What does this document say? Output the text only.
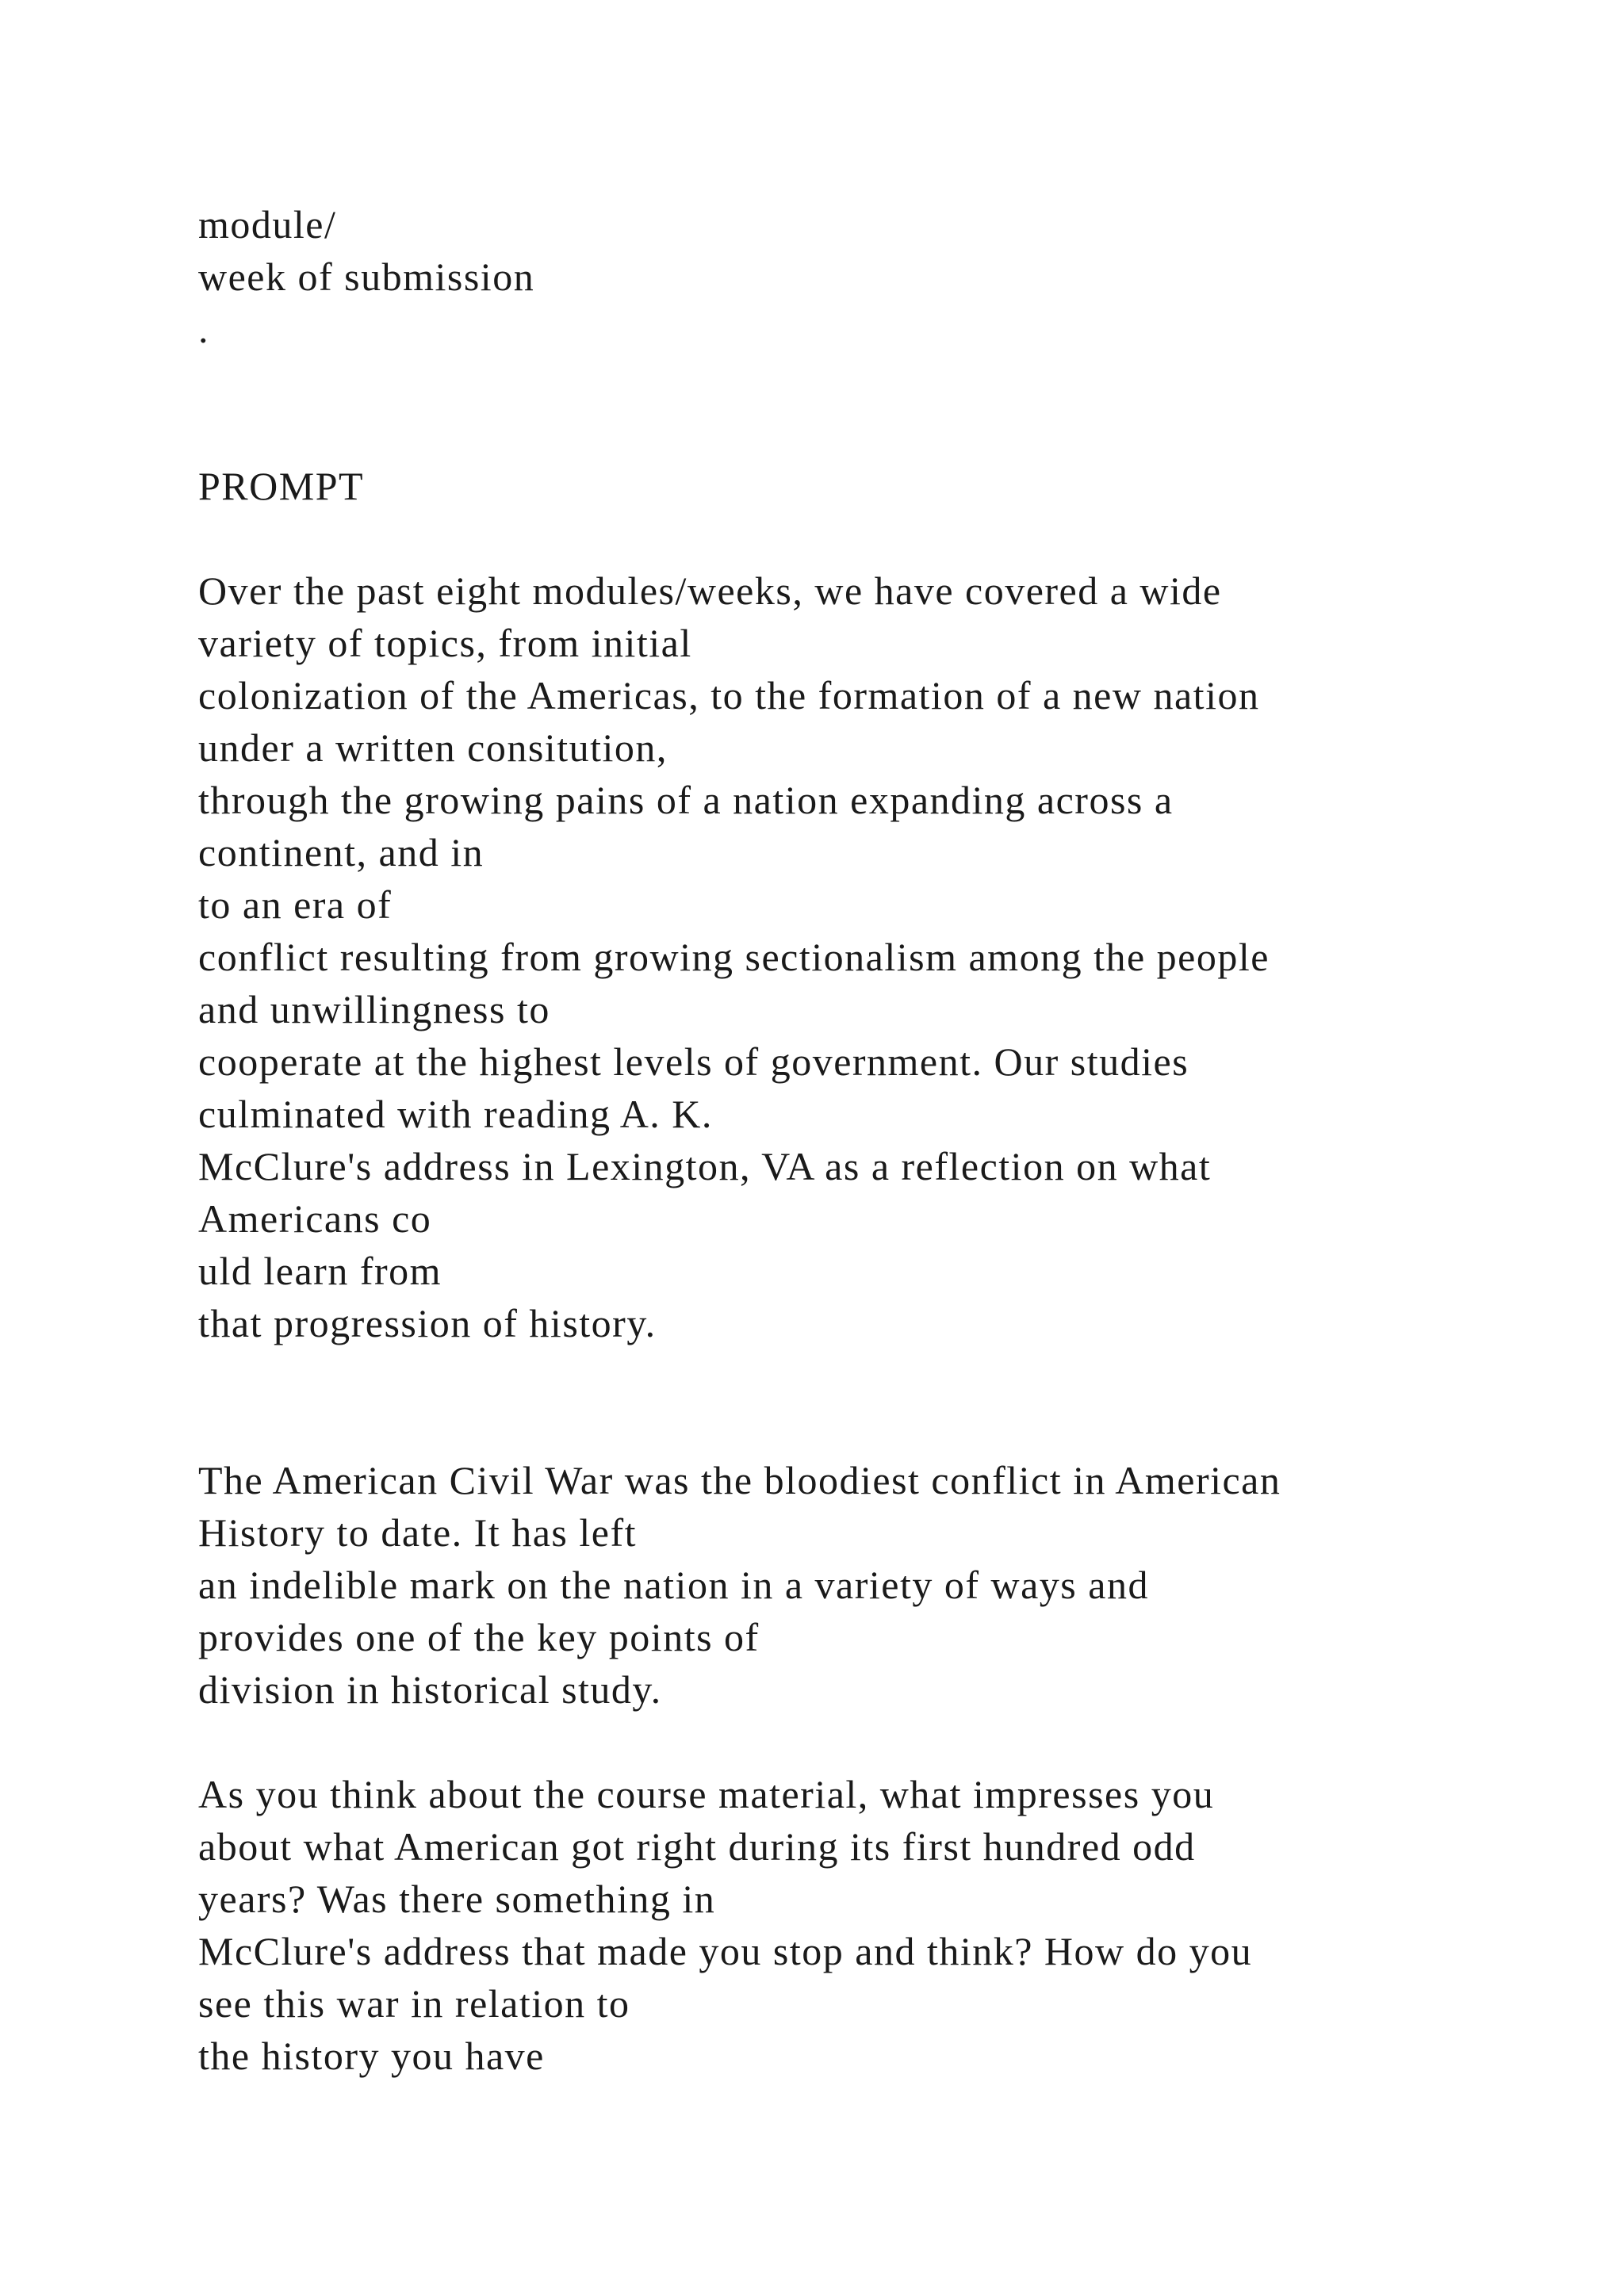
module/
week of submission
.
PROMPT
Over the past eight modules/weeks, we have covered a wide
variety of topics, from initial
colonization of the Americas, to the formation of a new nation
under a written consitution,
through the growing pains of a nation expanding across a
continent, and in
to an era of
conflict resulting from growing sectionalism among the people
and unwillingness to
cooperate at the highest levels of government. Our studies
culminated with reading A. K.
McClure's address in Lexington, VA as a reflection on what
Americans co
uld learn from
that progression of history.
The American Civil War was the bloodiest conflict in American
History to date. It has left
an indelible mark on the nation in a variety of ways and
provides one of the key points of
division in historical study.
As you think about the course material, what impresses you
about what American got right during its first hundred odd
years? Was there something in
McClure's address that made you stop and think? How do you
see this war in relation to
the history you have
